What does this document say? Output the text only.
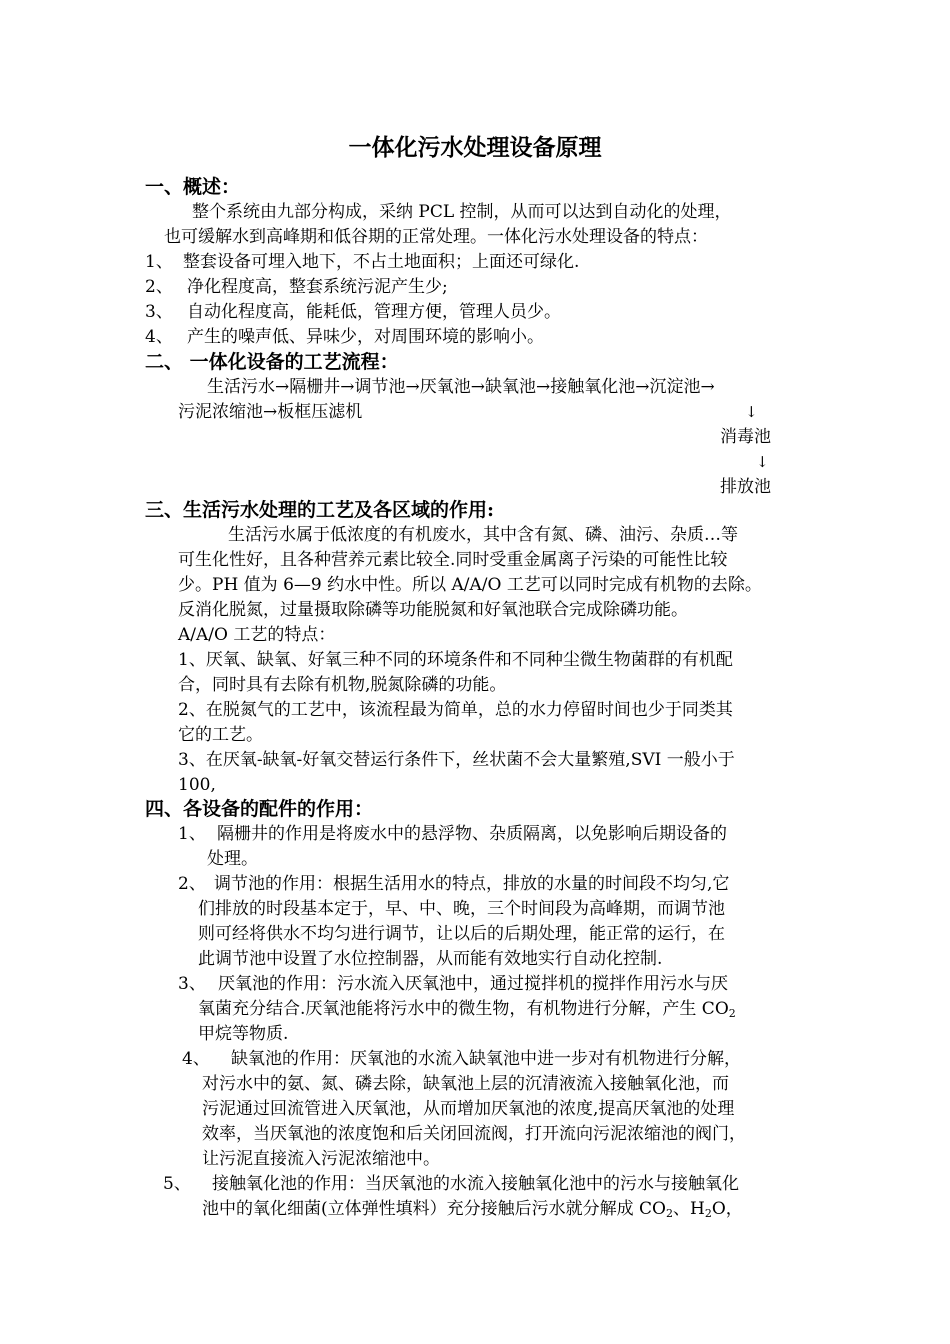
一体化污水处理设备原理
一、概述：
整个系统由九部分构成，采纳 PCL 控制，从而可以达到自动化的处理，
也可缓解水到高峰期和低谷期的正常处理。一体化污水处理设备的特点：
1、 整套设备可埋入地下，不占土地面积；上面还可绿化.
2、 净化程度高，整套系统污泥产生少;
3、 自动化程度高，能耗低，管理方便，管理人员少。
4、 产生的噪声低、异味少，对周围环境的影响小。
二、 一体化设备的工艺流程：
生活污水→隔栅井→调节池→厌氧池→缺氧池→接触氧化池→沉淀池→
污泥浓缩池→板框压滤机	↓
消毒池
↓
排放池
三、生活污水处理的工艺及各区域的作用:
生活污水属于低浓度的有机废水，其中含有氮、磷、油污、杂质…等
可生化性好，且各种营养元素比较全.同时受重金属离子污染的可能性比较
少。PH 值为 6—9 约水中性。所以 A/A/O 工艺可以同时完成有机物的去除。
反消化脱氮，过量摄取除磷等功能脱氮和好氧池联合完成除磷功能。
A/A/O 工艺的特点：
1、厌氧、缺氧、好氧三种不同的环境条件和不同种尘微生物菌群的有机配
合，同时具有去除有机物,脱氮除磷的功能。
2、在脱氮气的工艺中，该流程最为简单，总的水力停留时间也少于同类其
它的工艺。
3、在厌氧-缺氧-好氧交替运行条件下，丝状菌不会大量繁殖,SVI 一般小于
100,
四、各设备的配件的作用：
1、 隔栅井的作用是将废水中的悬浮物、杂质隔离，以免影响后期设备的
处理。
2、 调节池的作用：根据生活用水的特点，排放的水量的时间段不均匀,它
们排放的时段基本定于，早、中、晚，三个时间段为高峰期，而调节池
则可经将供水不均匀进行调节，让以后的后期处理，能正常的运行，在
此调节池中设置了水位控制器，从而能有效地实行自动化控制.
3、 厌氧池的作用：污水流入厌氧池中，通过搅拌机的搅拌作用污水与厌
氧菌充分结合.厌氧池能将污水中的微生物，有机物进行分解，产生 $CO_2$
甲烷等物质.
4、 缺氧池的作用：厌氧池的水流入缺氧池中进一步对有机物进行分解，
对污水中的氨、氮、磷去除，缺氧池上层的沉清液流入接触氧化池，而
污泥通过回流管进入厌氧池，从而增加厌氧池的浓度,提高厌氧池的处理
效率，当厌氧池的浓度饱和后关闭回流阀，打开流向污泥浓缩池的阀门，
让污泥直接流入污泥浓缩池中。
5、 接触氧化池的作用：当厌氧池的水流入接触氧化池中的污水与接触氧化
池中的氧化细菌(立体弹性填料）充分接触后污水就分解成 $CO_2$、$H_2O$，
